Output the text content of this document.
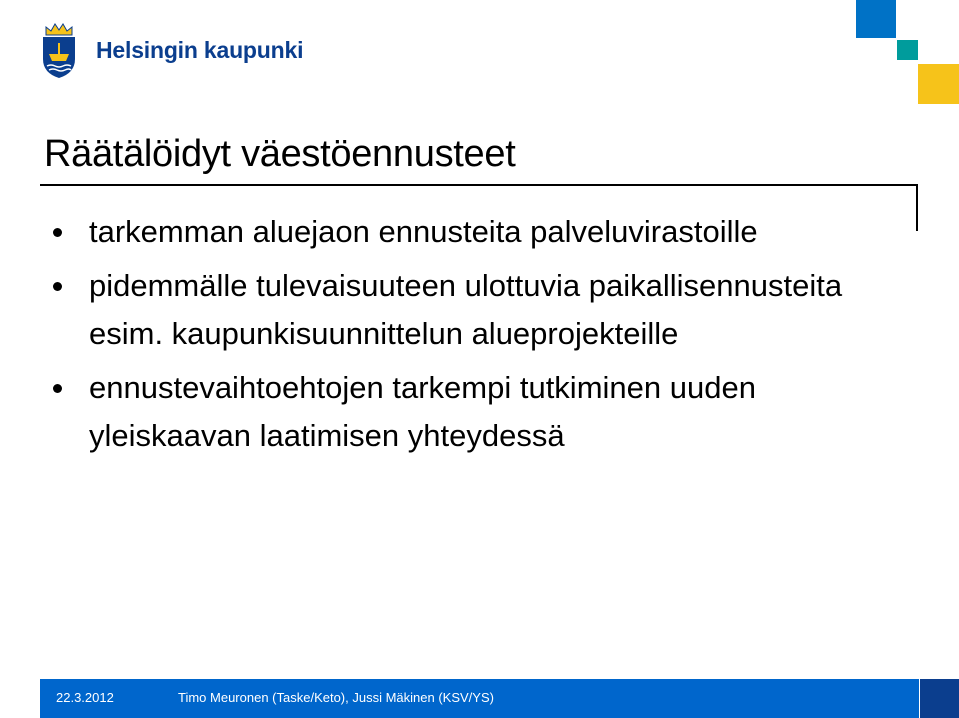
Helsingin kaupunki
Räätälöidyt väestöennusteet
tarkemman aluejaon ennusteita palveluvirastoille
pidemmälle tulevaisuuteen ulottuvia paikallisennusteita esim. kaupunkisuunnittelun alueprojekteille
ennustevaihtoehtojen tarkempi tutkiminen uuden yleiskaavan laatimisen yhteydessä
22.3.2012	Timo Meuronen (Taske/Keto), Jussi Mäkinen (KSV/YS)
